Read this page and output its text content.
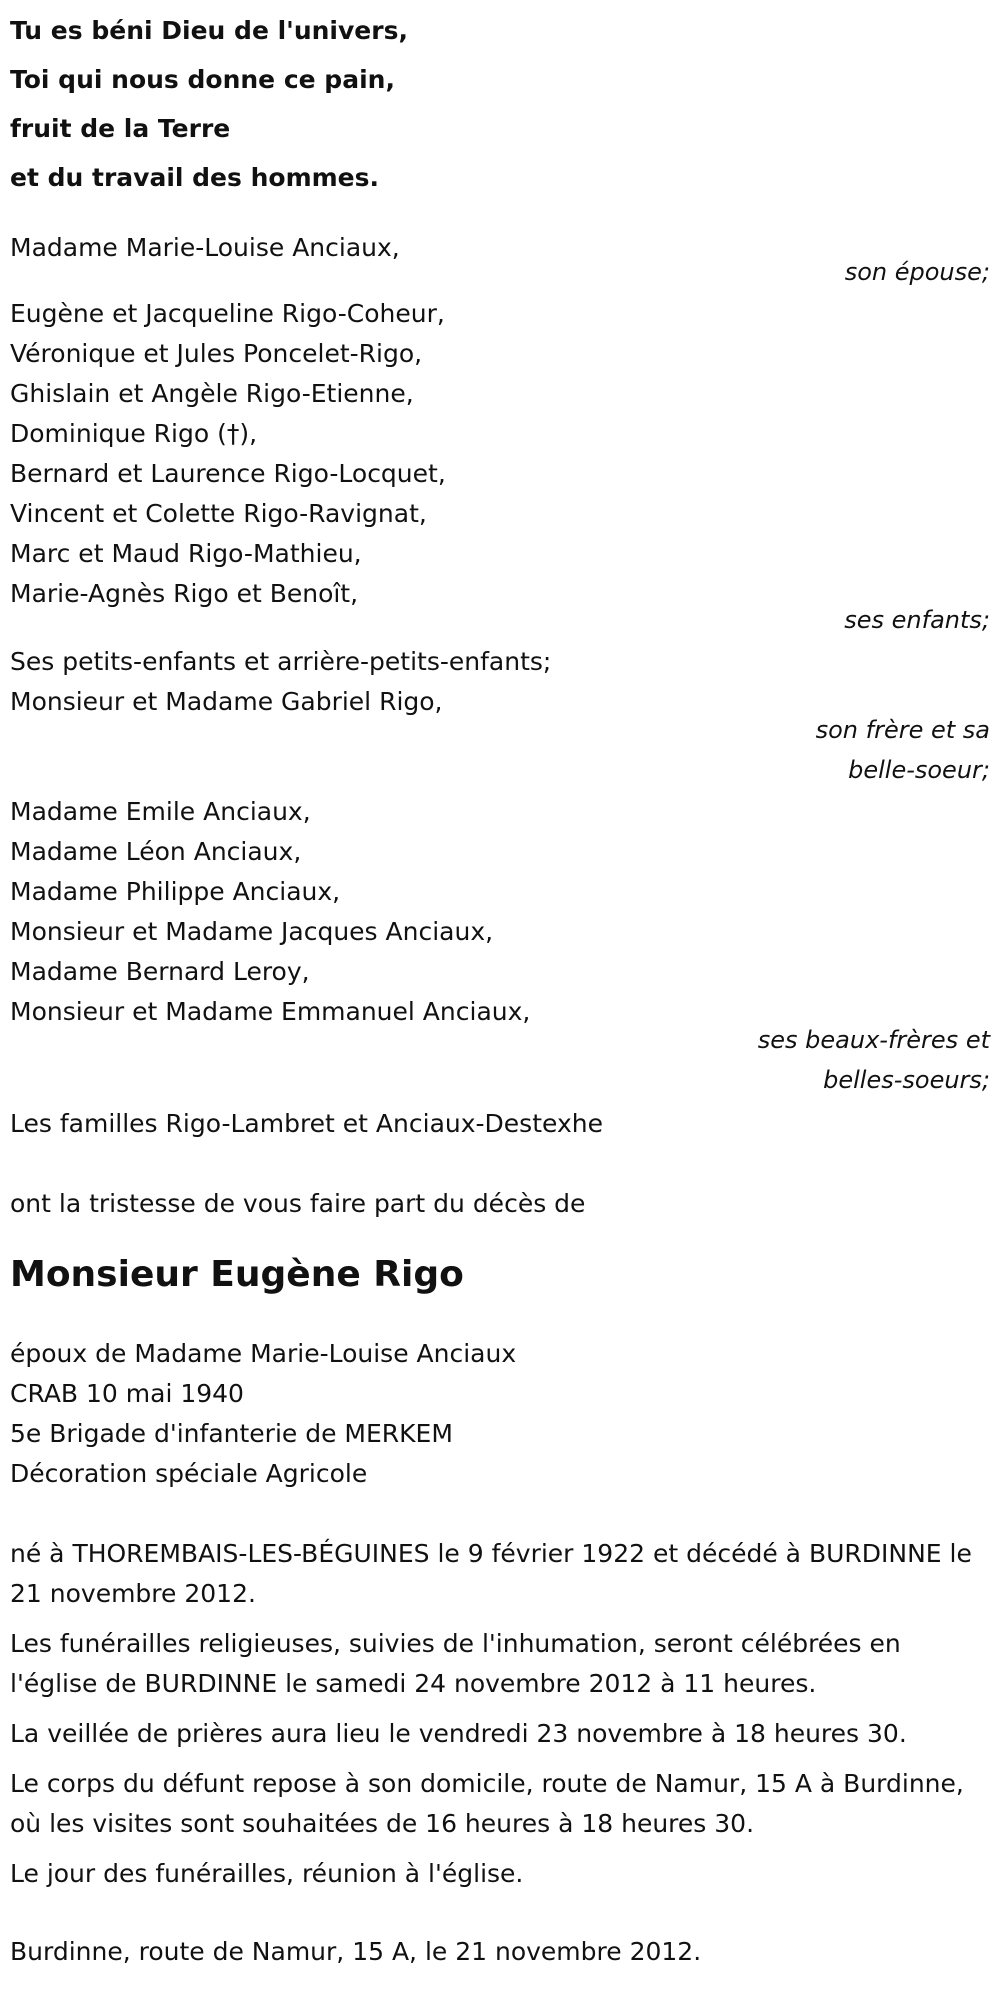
Tu es béni Dieu de l'univers,

Toi qui nous donne ce pain,

fruit de la Terre

et du travail des hommes.

Madame Marie-Louise Anciaux,
son épouse;
Eugène et Jacqueline Rigo-Coheur,
Véronique et Jules Poncelet-Rigo,
Ghislain et Angèle Rigo-Etienne,
Dominique Rigo (†),
Bernard et Laurence Rigo-Locquet,
Vincent et Colette Rigo-Ravignat,
Marc et Maud Rigo-Mathieu,
Marie-Agnès Rigo et Benoît,
ses enfants;
Ses petits-enfants et arrière-petits-enfants;
Monsieur et Madame Gabriel Rigo,
son frère et sa
belle-soeur;
Madame Emile Anciaux,
Madame Léon Anciaux,
Madame Philippe Anciaux,
Monsieur et Madame Jacques Anciaux,
Madame Bernard Leroy,
Monsieur et Madame Emmanuel Anciaux,
ses beaux-frères et
belles-soeurs;
Les familles Rigo-Lambret et Anciaux-Destexhe
ont la tristesse de vous faire part du décès de
Monsieur Eugène Rigo
époux de Madame Marie-Louise Anciaux
CRAB 10 mai 1940
5e Brigade d'infanterie de MERKEM
Décoration spéciale Agricole

né à THOREMBAIS-LES-BÉGUINES le 9 février 1922 et décédé à BURDINNE le 21 novembre 2012.

Les funérailles religieuses, suivies de l'inhumation, seront célébrées en l'église de BURDINNE le samedi 24 novembre 2012 à 11 heures.

La veillée de prières aura lieu le vendredi 23 novembre à 18 heures 30.

Le corps du défunt repose à son domicile, route de Namur, 15 A à Burdinne, où les visites sont souhaitées de 16 heures à 18 heures 30.

Le jour des funérailles, réunion à l'église.

Burdinne, route de Namur, 15 A, le 21 novembre 2012.
